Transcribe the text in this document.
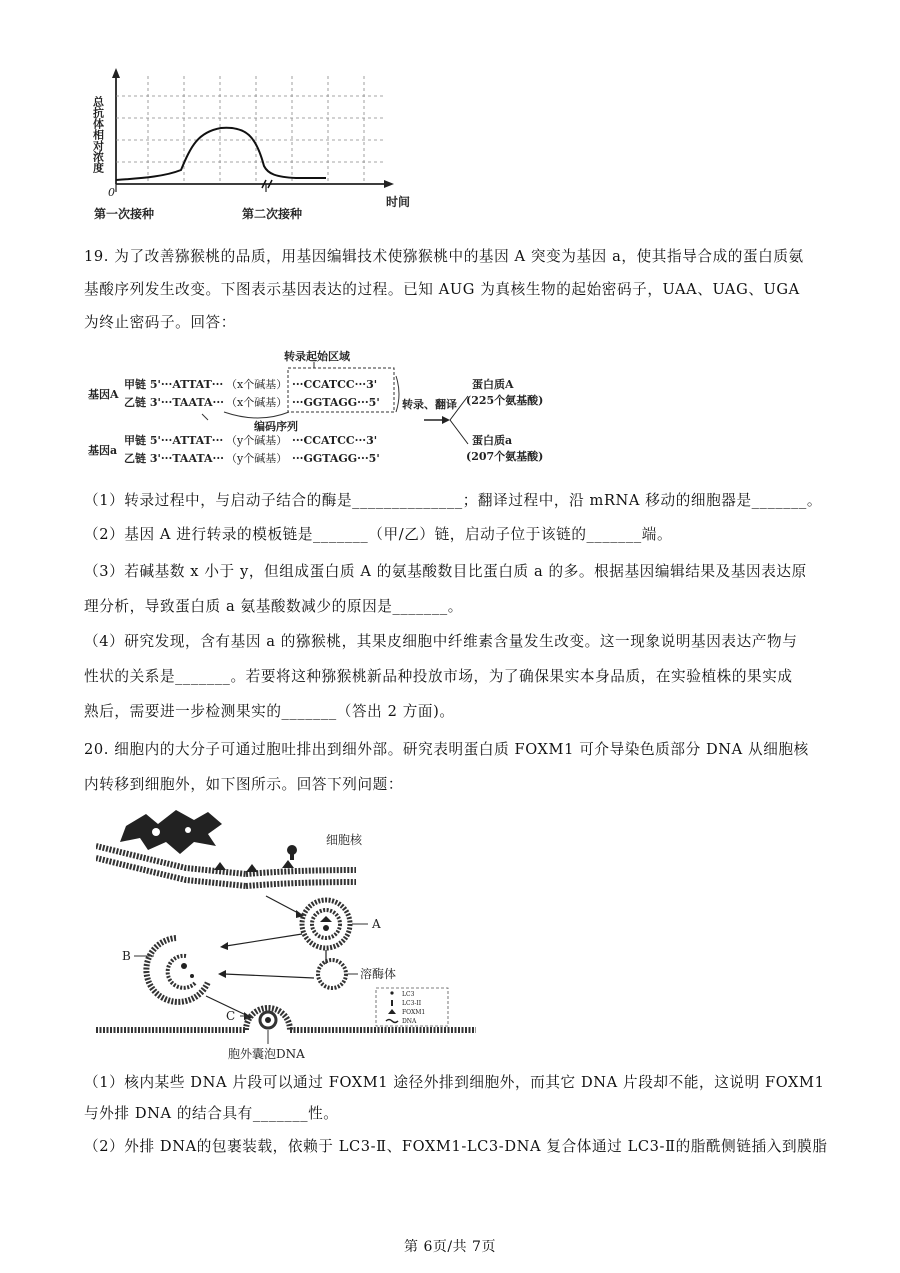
总抗体相对浓度
0
时间
第一次接种	第二次接种
19. 为了改善猕猴桃的品质，用基因编辑技术使猕猴桃中的基因 A 突变为基因 a，使其指导合成的蛋白质氨
基酸序列发生改变。下图表示基因表达的过程。已知 AUG 为真核生物的起始密码子，UAA、UAG、UGA
为终止密码子。回答：
转录起始区域
基因A
甲链 5'···ATTAT···
乙链 3'···TAATA···
（x个碱基）
（x个碱基）
···CCATCC···3'
···GGTAGG···5'
编码序列
基因a
甲链 5'···ATTAT···
乙链 3'···TAATA···
（y个碱基）
（y个碱基）
···CCATCC···3'
···GGTAGG···5'
转录、翻译
蛋白质A
(225个氨基酸)
蛋白质a
(207个氨基酸)
（1）转录过程中，与启动子结合的酶是______________；翻译过程中，沿 mRNA 移动的细胞器是_______。
（2）基因 A 进行转录的模板链是_______（甲/乙）链，启动子位于该链的_______端。
（3）若碱基数 x 小于 y，但组成蛋白质 A 的氨基酸数目比蛋白质 a 的多。根据基因编辑结果及基因表达原
理分析，导致蛋白质 a 氨基酸数减少的原因是_______。
（4）研究发现，含有基因 a 的猕猴桃，其果皮细胞中纤维素含量发生改变。这一现象说明基因表达产物与
性状的关系是_______。若要将这种猕猴桃新品种投放市场，为了确保果实本身品质，在实验植株的果实成
熟后，需要进一步检测果实的_______（答出 2 方面)。
20. 细胞内的大分子可通过胞吐排出到细外部。研究表明蛋白质 FOXM1 可介导染色质部分 DNA 从细胞核
内转移到细胞外，如下图所示。回答下列问题：
细胞核
A
B
溶酶体
C
胞外囊泡DNA
LC3
LC3-II
FOXM1
DNA
（1）核内某些 DNA 片段可以通过 FOXM1 途径外排到细胞外，而其它 DNA 片段却不能，这说明 FOXM1
与外排 DNA 的结合具有_______性。
（2）外排 DNA的包裹装载，依赖于 LC3-Ⅱ、FOXM1-LC3-DNA 复合体通过 LC3-Ⅱ的脂酰侧链插入到膜脂
第 6页/共 7页
